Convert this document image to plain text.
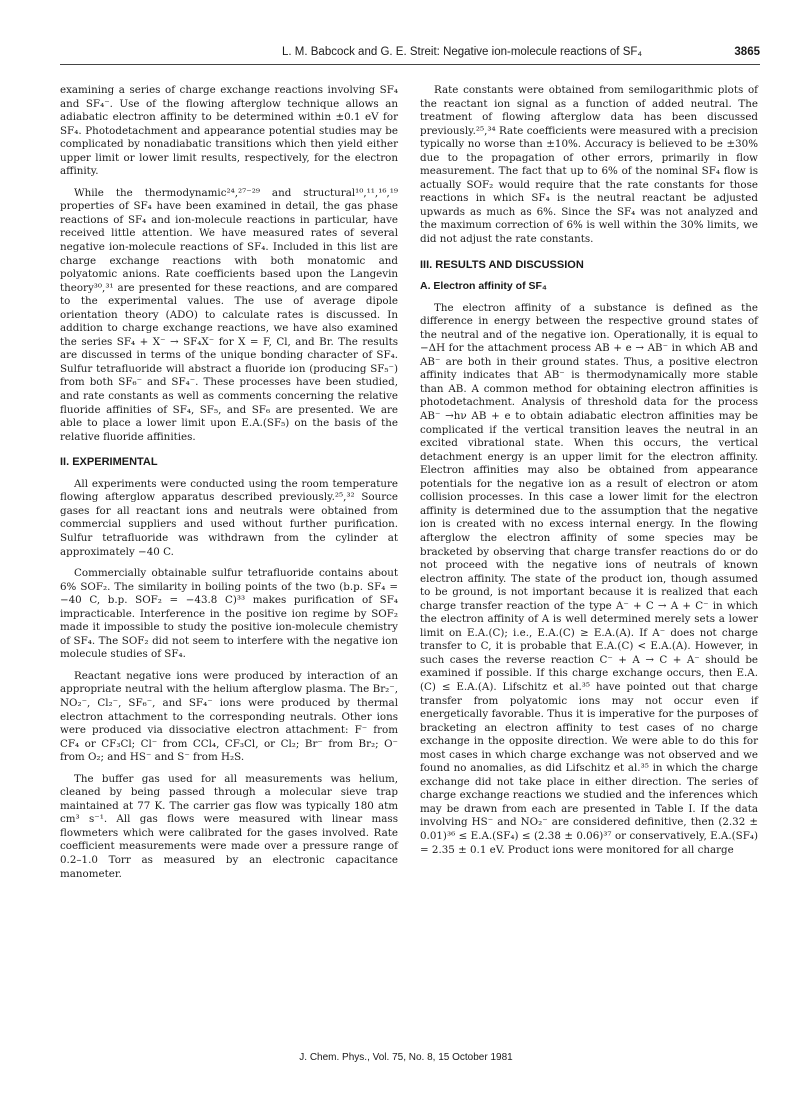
L. M. Babcock and G. E. Streit: Negative ion-molecule reactions of SF₄	3865

examining a series of charge exchange reactions involving SF₄ and SF₄⁻. Use of the flowing afterglow technique allows an adiabatic electron affinity to be determined within ±0.1 eV for SF₄. Photodetachment and appearance potential studies may be complicated by nonadiabatic transitions which then yield either upper limit or lower limit results, respectively, for the electron affinity.

While the thermodynamic²⁴,²⁷⁻²⁹ and structural¹⁰,¹¹,¹⁶,¹⁹ properties of SF₄ have been examined in detail, the gas phase reactions of SF₄ and ion-molecule reactions in particular, have received little attention. We have measured rates of several negative ion-molecule reactions of SF₄. Included in this list are charge exchange reactions with both monatomic and polyatomic anions. Rate coefficients based upon the Langevin theory³⁰,³¹ are presented for these reactions, and are compared to the experimental values. The use of average dipole orientation theory (ADO) to calculate rates is discussed. In addition to charge exchange reactions, we have also examined the series SF₄ + X⁻ → SF₄X⁻ for X = F, Cl, and Br. The results are discussed in terms of the unique bonding character of SF₄. Sulfur tetrafluoride will abstract a fluoride ion (producing SF₅⁻) from both SF₆⁻ and SF₄⁻. These processes have been studied, and rate constants as well as comments concerning the relative fluoride affinities of SF₄, SF₅, and SF₆ are presented. We are able to place a lower limit upon E.A.(SF₅) on the basis of the relative fluoride affinities.

II. EXPERIMENTAL

All experiments were conducted using the room temperature flowing afterglow apparatus described previously.²⁵,³² Source gases for all reactant ions and neutrals were obtained from commercial suppliers and used without further purification. Sulfur tetrafluoride was withdrawn from the cylinder at approximately −40 C.

Commercially obtainable sulfur tetrafluoride contains about 6% SOF₂. The similarity in boiling points of the two (b.p. SF₄ = −40 C, b.p. SOF₂ = −43.8 C)³³ makes purification of SF₄ impracticable. Interference in the positive ion regime by SOF₂ made it impossible to study the positive ion-molecule chemistry of SF₄. The SOF₂ did not seem to interfere with the negative ion molecule studies of SF₄.

Reactant negative ions were produced by interaction of an appropriate neutral with the helium afterglow plasma. The Br₂⁻, NO₂⁻, Cl₂⁻, SF₆⁻, and SF₄⁻ ions were produced by thermal electron attachment to the corresponding neutrals. Other ions were produced via dissociative electron attachment: F⁻ from CF₄ or CF₃Cl; Cl⁻ from CCl₄, CF₃Cl, or Cl₂; Br⁻ from Br₂; O⁻ from O₂; and HS⁻ and S⁻ from H₂S.

The buffer gas used for all measurements was helium, cleaned by being passed through a molecular sieve trap maintained at 77 K. The carrier gas flow was typically 180 atm cm³ s⁻¹. All gas flows were measured with linear mass flowmeters which were calibrated for the gases involved. Rate coefficient measurements were made over a pressure range of 0.2–1.0 Torr as measured by an electronic capacitance manometer.

Rate constants were obtained from semilogarithmic plots of the reactant ion signal as a function of added neutral. The treatment of flowing afterglow data has been discussed previously.²⁵,³⁴ Rate coefficients were measured with a precision typically no worse than ±10%. Accuracy is believed to be ±30% due to the propagation of other errors, primarily in flow measurement. The fact that up to 6% of the nominal SF₄ flow is actually SOF₂ would require that the rate constants for those reactions in which SF₄ is the neutral reactant be adjusted upwards as much as 6%. Since the SF₄ was not analyzed and the maximum correction of 6% is well within the 30% limits, we did not adjust the rate constants.

III. RESULTS AND DISCUSSION
A. Electron affinity of SF₄

The electron affinity of a substance is defined as the difference in energy between the respective ground states of the neutral and of the negative ion. Operationally, it is equal to −ΔH for the attachment process AB + e → AB⁻ in which AB and AB⁻ are both in their ground states. Thus, a positive electron affinity indicates that AB⁻ is thermodynamically more stable than AB. A common method for obtaining electron affinities is photodetachment. Analysis of threshold data for the process AB⁻ →hν AB + e to obtain adiabatic electron affinities may be complicated if the vertical transition leaves the neutral in an excited vibrational state. When this occurs, the vertical detachment energy is an upper limit for the electron affinity. Electron affinities may also be obtained from appearance potentials for the negative ion as a result of electron or atom collision processes. In this case a lower limit for the electron affinity is determined due to the assumption that the negative ion is created with no excess internal energy. In the flowing afterglow the electron affinity of some species may be bracketed by observing that charge transfer reactions do or do not proceed with the negative ions of neutrals of known electron affinity. The state of the product ion, though assumed to be ground, is not important because it is realized that each charge transfer reaction of the type A⁻ + C → A + C⁻ in which the electron affinity of A is well determined merely sets a lower limit on E.A.(C); i.e., E.A.(C) ≥ E.A.(A). If A⁻ does not charge transfer to C, it is probable that E.A.(C) < E.A.(A). However, in such cases the reverse reaction C⁻ + A → C + A⁻ should be examined if possible. If this charge exchange occurs, then E.A.(C) ≤ E.A.(A). Lifschitz et al.³⁵ have pointed out that charge transfer from polyatomic ions may not occur even if energetically favorable. Thus it is imperative for the purposes of bracketing an electron affinity to test cases of no charge exchange in the opposite direction. We were able to do this for most cases in which charge exchange was not observed and we found no anomalies, as did Lifschitz et al.³⁵ in which the charge exchange did not take place in either direction. The series of charge exchange reactions we studied and the inferences which may be drawn from each are presented in Table I. If the data involving HS⁻ and NO₂⁻ are considered definitive, then (2.32 ± 0.01)³⁶ ≤ E.A.(SF₄) ≤ (2.38 ± 0.06)³⁷ or conservatively, E.A.(SF₄) = 2.35 ± 0.1 eV. Product ions were monitored for all charge

J. Chem. Phys., Vol. 75, No. 8, 15 October 1981
